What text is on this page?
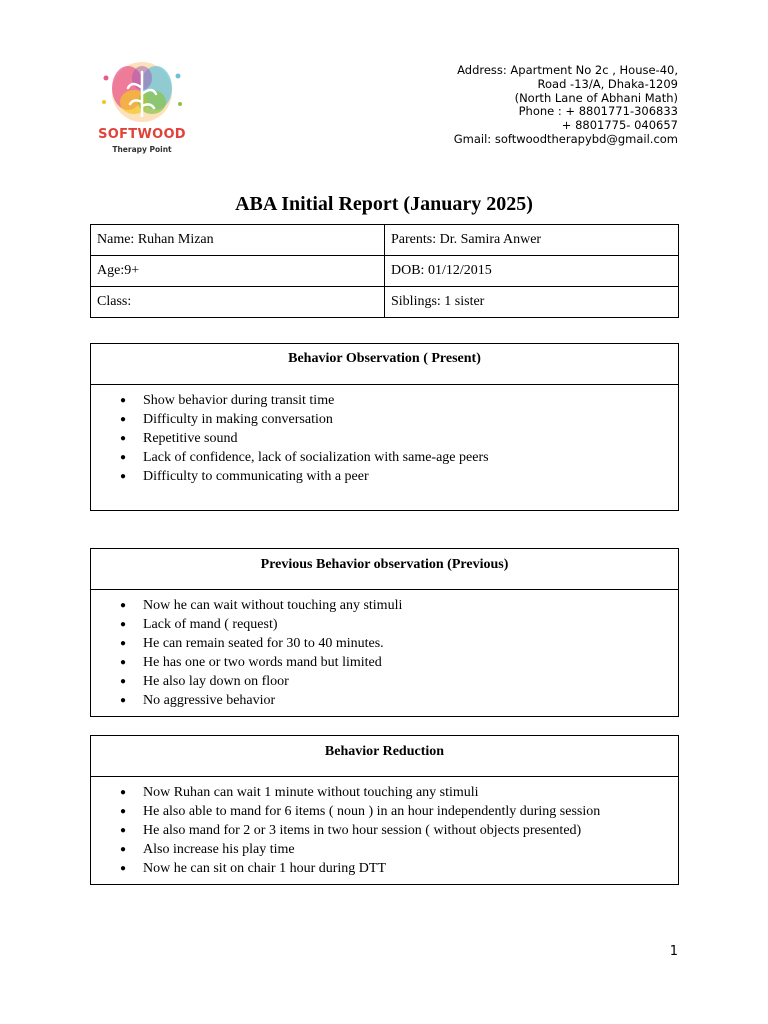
SOFTWOOD
Therapy Point
Address: Apartment No 2c , House-40,
Road -13/A, Dhaka-1209
(North Lane of Abhani Math)
Phone : + 8801771-306833
+ 8801775- 040657
Gmail: softwoodtherapybd@gmail.com
ABA Initial Report (January 2025)
Name: Ruhan Mizan	Parents: Dr. Samira Anwer
Age:9+	DOB: 01/12/2015
Class:	Siblings: 1 sister
Behavior Observation ( Present)
● Show behavior during transit time
● Difficulty in making conversation
● Repetitive sound
● Lack of confidence, lack of socialization with same-age peers
● Difficulty to communicating with a peer
Previous Behavior observation (Previous)
● Now he can wait without touching any stimuli
● Lack of mand ( request)
● He can remain seated for 30 to 40 minutes.
● He has one or two words mand but limited
● He also lay down on floor
● No aggressive behavior
Behavior Reduction
● Now Ruhan can wait 1 minute without touching any stimuli
● He also able to mand for 6 items ( noun ) in an hour independently during session
● He also mand for 2 or 3 items in two hour session ( without objects presented)
● Also increase his play time
● Now he can sit on chair 1 hour during DTT
1
